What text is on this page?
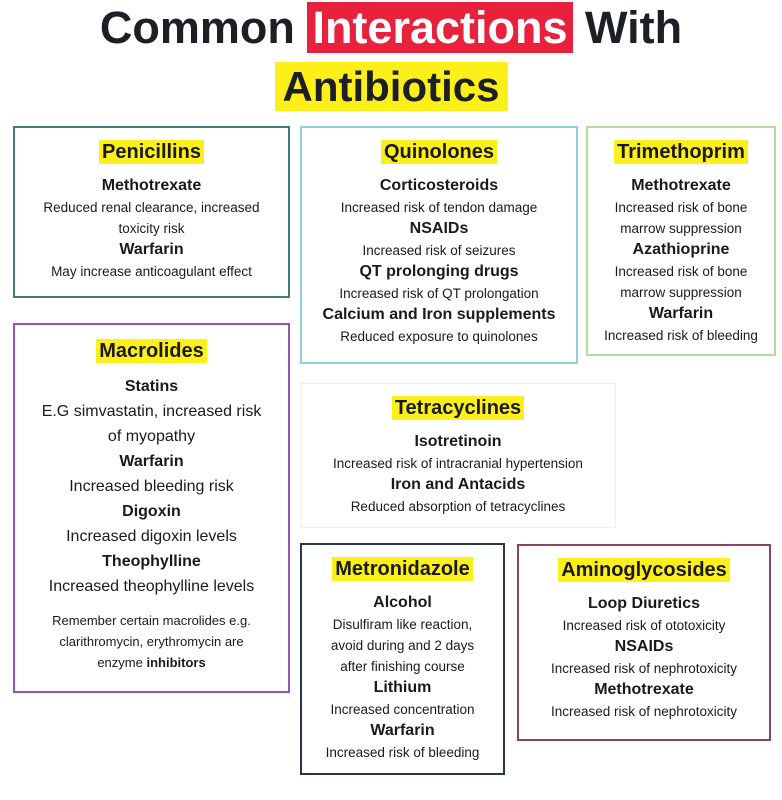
Common Interactions With
Antibiotics
Penicillins
Methotrexate
Reduced renal clearance, increased
toxicity risk
Warfarin
May increase anticoagulant effect
Quinolones
Corticosteroids
Increased risk of tendon damage
NSAIDs
Increased risk of seizures
QT prolonging drugs
Increased risk of QT prolongation
Calcium and Iron supplements
Reduced exposure to quinolones
Trimethoprim
Methotrexate
Increased risk of bone
marrow suppression
Azathioprine
Increased risk of bone
marrow suppression
Warfarin
Increased risk of bleeding
Macrolides
Statins
E.G simvastatin, increased risk
of myopathy
Warfarin
Increased bleeding risk
Digoxin
Increased digoxin levels
Theophylline
Increased theophylline levels
Remember certain macrolides e.g.
clarithromycin, erythromycin are
enzyme inhibitors
Tetracyclines
Isotretinoin
Increased risk of intracranial hypertension
Iron and Antacids
Reduced absorption of tetracyclines
Metronidazole
Alcohol
Disulfiram like reaction,
avoid during and 2 days
after finishing course
Lithium
Increased concentration
Warfarin
Increased risk of bleeding
Aminoglycosides
Loop Diuretics
Increased risk of ototoxicity
NSAIDs
Increased risk of nephrotoxicity
Methotrexate
Increased risk of nephrotoxicity
